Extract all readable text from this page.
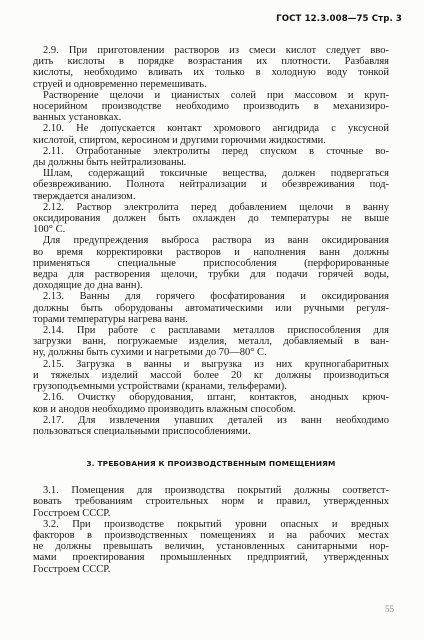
ГОСТ 12.3.008—75 Стр. 3

2.9. При приготовлении растворов из смеси кислот следует вво-
дить кислоты в порядке возрастания их плотности. Разбавляя
кислоты, необходимо вливать их только в холодную воду тонкой
струей и одновременно перемешивать.

Растворение щелочи и цианистых солей при массовом и круп-
носерийном производстве необходимо производить в механизиро-
ванных установках.

2.10. Не допускается контакт хромового ангидрида с уксусной
кислотой, спиртом, керосином и другими горючими жидкостями.

2.11. Отработанные электролиты перед спуском в сточные во-
ды должны быть нейтрализованы.

Шлам, содержащий токсичные вещества, должен подвергаться
обезвреживанию. Полнота нейтрализации и обезвреживания под-
тверждается анализом.

2.12. Раствор электролита перед добавлением щелочи в ванну
оксидирования должен быть охлажден до температуры не выше
100° С.

Для предупреждения выброса раствора из ванн оксидирования
во время корректировки растворов и наполнения ванн должны
применяться специальные приспособления (перфорированные
ведра для растворения щелочи, трубки для подачи горячей воды,
доходящие до дна ванн).

2.13. Ванны для горячего фосфатирования и оксидирования
должны быть оборудованы автоматическими или ручными регуля-
торами температуры нагрева ванн.

2.14. При работе с расплавами металлов приспособления для
загрузки ванн, погружаемые изделия, металл, добавляемый в ван-
ну, должны быть сухими и нагретыми до 70—80° С.

2.15. Загрузка в ванны и выгрузка из них крупногабаритных
и тяжелых изделий массой более 20 кг должны производиться
грузоподъемными устройствами (кранами, тельферами).

2.16. Очистку оборудования, штанг, контактов, анодных крюч-
ков и анодов необходимо производить влажным способом.

2.17. Для извлечения упавших деталей из ванн необходимо
пользоваться специальными приспособлениями.

3. ТРЕБОВАНИЯ К ПРОИЗВОДСТВЕННЫМ ПОМЕЩЕНИЯМ

3.1. Помещения для производства покрытий должны соответст-
вовать требованиям строительных норм и правил, утвержденных
Госстроем СССР.

3.2. При производстве покрытий уровни опасных и вредных
факторов в производственных помещениях и на рабочих местах
не должны превышать величин, установленных санитарными нор-
мами проектирования промышленных предприятий, утвержденных
Госстроем СССР.

55
